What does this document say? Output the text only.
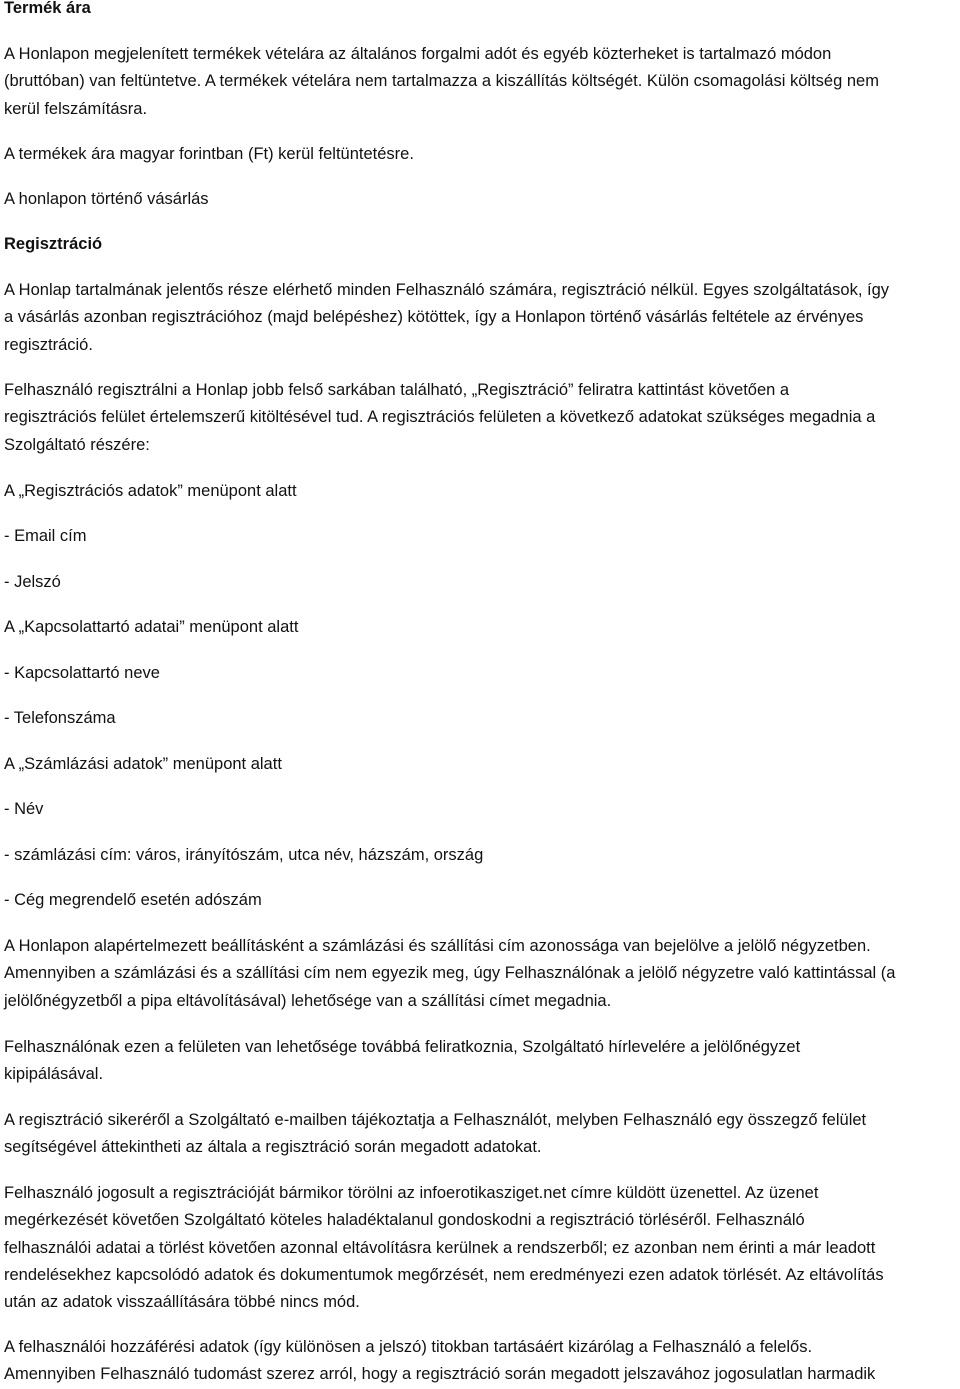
Termék ára
A Honlapon megjelenített termékek vételára az általános forgalmi adót és egyéb közterheket is tartalmazó módon
(bruttóban) van feltüntetve. A termékek vételára nem tartalmazza a kiszállítás költségét. Külön csomagolási költség nem
kerül felszámításra.
A termékek ára magyar forintban (Ft) kerül feltüntetésre.
A honlapon történő vásárlás
Regisztráció
A Honlap tartalmának jelentős része elérhető minden Felhasználó számára, regisztráció nélkül. Egyes szolgáltatások, így
a vásárlás azonban regisztrációhoz (majd belépéshez) kötöttek, így a Honlapon történő vásárlás feltétele az érvényes
regisztráció.
Felhasználó regisztrálni a Honlap jobb felső sarkában található, „Regisztráció” feliratra kattintást követően a
regisztrációs felület értelemszerű kitöltésével tud. A regisztrációs felületen a következő adatokat szükséges megadnia a
Szolgáltató részére:
A „Regisztrációs adatok” menüpont alatt
- Email cím
- Jelszó
A „Kapcsolattartó adatai” menüpont alatt
- Kapcsolattartó neve
- Telefonszáma
A „Számlázási adatok” menüpont alatt
- Név
- számlázási cím: város, irányítószám, utca név, házszám, ország
- Cég megrendelő esetén adószám
A Honlapon alapértelmezett beállításként a számlázási és szállítási cím azonossága van bejelölve a jelölő négyzetben.
Amennyiben a számlázási és a szállítási cím nem egyezik meg, úgy Felhasználónak a jelölő négyzetre való kattintással (a
jelölőnégyzetből a pipa eltávolításával) lehetősége van a szállítási címet megadnia.
Felhasználónak ezen a felületen van lehetősége továbbá feliratkoznia, Szolgáltató hírlevelére a jelölőnégyzet
kipipálásával.
A regisztráció sikeréről a Szolgáltató e-mailben tájékoztatja a Felhasználót, melyben Felhasználó egy összegző felület
segítségével áttekintheti az általa a regisztráció során megadott adatokat.
Felhasználó jogosult a regisztrációját bármikor törölni az infoerotikasziget.net címre küldött üzenettel. Az üzenet
megérkezését követően Szolgáltató köteles haladéktalanul gondoskodni a regisztráció törléséről. Felhasználó
felhasználói adatai a törlést követően azonnal eltávolításra kerülnek a rendszerből; ez azonban nem érinti a már leadott
rendelésekhez kapcsolódó adatok és dokumentumok megőrzését, nem eredményezi ezen adatok törlését. Az eltávolítás
után az adatok visszaállítására többé nincs mód.
A felhasználói hozzáférési adatok (így különösen a jelszó) titokban tartásáért kizárólag a Felhasználó a felelős.
Amennyiben Felhasználó tudomást szerez arról, hogy a regisztráció során megadott jelszavához jogosulatlan harmadik
